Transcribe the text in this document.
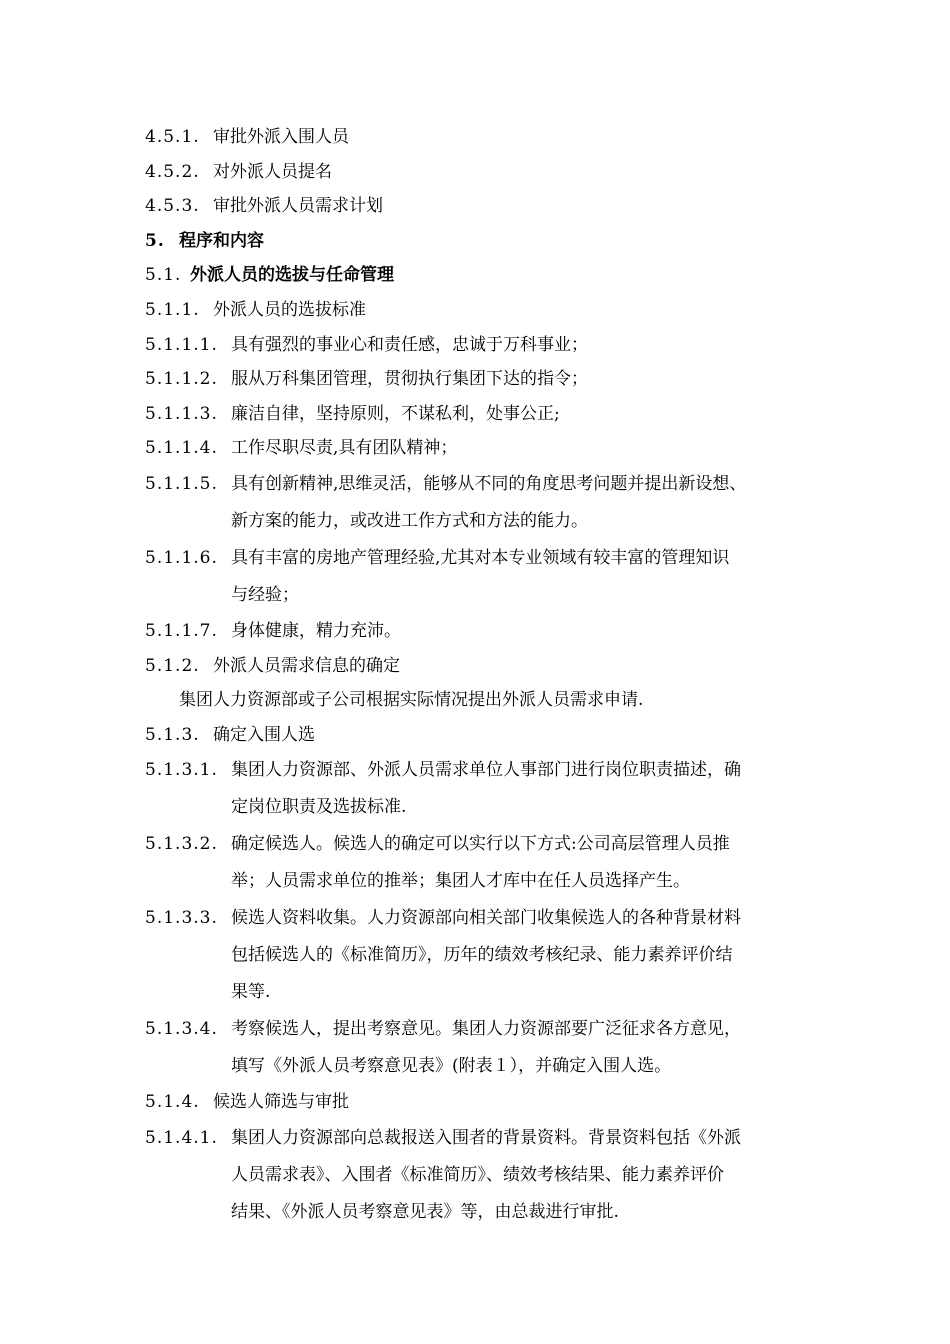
4.5.1. 审批外派入围人员
4.5.2. 对外派人员提名
4.5.3. 审批外派人员需求计划
5. 程序和内容
5.1. 外派人员的选拔与任命管理
5.1.1. 外派人员的选拔标准
5.1.1.1. 具有强烈的事业心和责任感，忠诚于万科事业；
5.1.1.2. 服从万科集团管理，贯彻执行集团下达的指令；
5.1.1.3. 廉洁自律，坚持原则，不谋私利，处事公正;
5.1.1.4. 工作尽职尽责,具有团队精神；
5.1.1.5. 具有创新精神,思维灵活，能够从不同的角度思考问题并提出新设想、
新方案的能力，或改进工作方式和方法的能力。
5.1.1.6. 具有丰富的房地产管理经验,尤其对本专业领域有较丰富的管理知识
与经验；
5.1.1.7. 身体健康，精力充沛。
5.1.2. 外派人员需求信息的确定
集团人力资源部或子公司根据实际情况提出外派人员需求申请.
5.1.3. 确定入围人选
5.1.3.1. 集团人力资源部、外派人员需求单位人事部门进行岗位职责描述，确
定岗位职责及选拔标准.
5.1.3.2. 确定候选人。候选人的确定可以实行以下方式:公司高层管理人员推
举；人员需求单位的推举；集团人才库中在任人员选择产生。
5.1.3.3. 候选人资料收集。人力资源部向相关部门收集候选人的各种背景材料
包括候选人的《标准简历》，历年的绩效考核纪录、能力素养评价结
果等.
5.1.3.4. 考察候选人，提出考察意见。集团人力资源部要广泛征求各方意见，
填写《外派人员考察意见表》(附表１），并确定入围人选。
5.1.4. 候选人筛选与审批
5.1.4.1. 集团人力资源部向总裁报送入围者的背景资料。背景资料包括《外派
人员需求表》、入围者《标准简历》、绩效考核结果、能力素养评价
结果、《外派人员考察意见表》等，由总裁进行审批.
